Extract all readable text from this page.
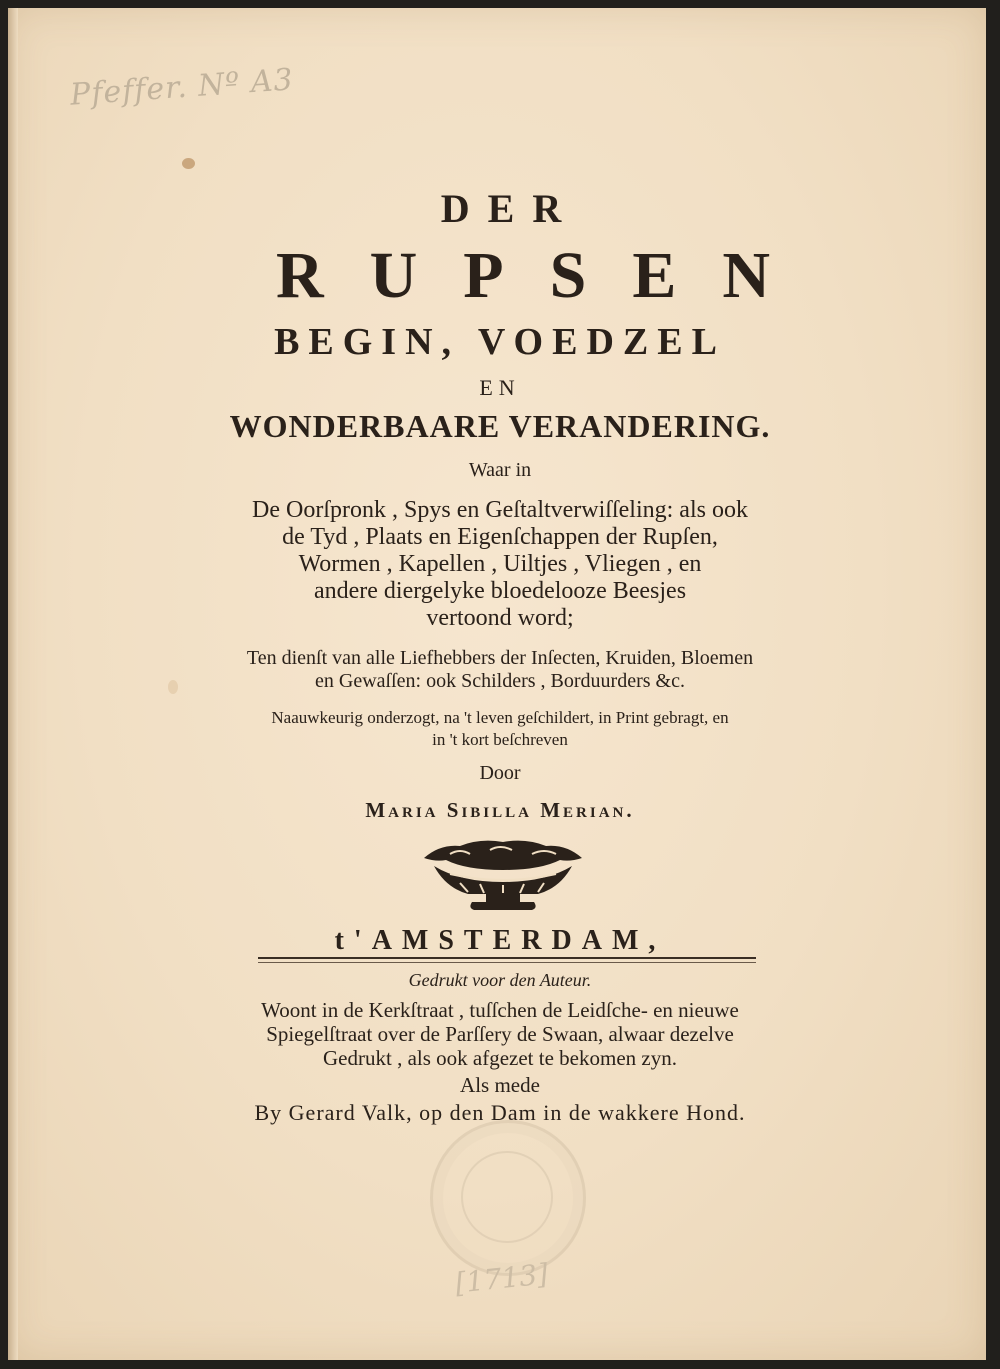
Pfeffer. Nº A3
DER
RUPSEN
BEGIN, VOEDZEL
EN
WONDERBAARE VERANDERING.
Waar in
De Oorſpronk , Spys en Geſtaltverwiſſeling: als ook
de Tyd , Plaats en Eigenſchappen der Rupſen,
Wormen , Kapellen , Uiltjes , Vliegen , en
andere diergelyke bloedelooze Beesjes
vertoond word;
Ten dienſt van alle Liefhebbers der Inſecten, Kruiden, Bloemen
en Gewaſſen: ook Schilders , Borduurders &c.
Naauwkeurig onderzogt, na 't leven geſchildert, in Print gebragt, en
in 't kort beſchreven
Door
Maria Sibilla Merian.
t'AMSTERDAM,
Gedrukt voor den Auteur.
Woont in de Kerkſtraat , tuſſchen de Leidſche- en nieuwe
Spiegelſtraat over de Parſſery de Swaan, alwaar dezelve
Gedrukt , als ook afgezet te bekomen zyn.
Als mede
By Gerard Valk, op den Dam in de wakkere Hond.
[1713]
